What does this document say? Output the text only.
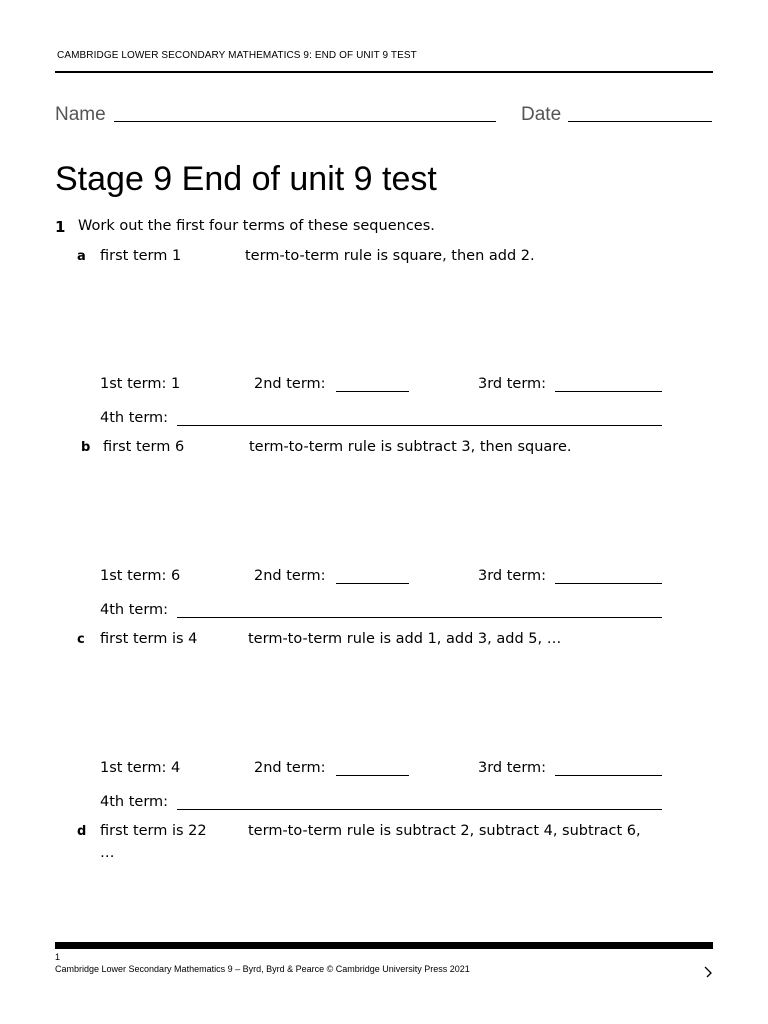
CAMBRIDGE LOWER SECONDARY MATHEMATICS 9: END OF UNIT 9 TEST
Name	Date
Stage 9 End of unit 9 test
1 Work out the first four terms of these sequences.
a first term 1	term-to-term rule is square, then add 2.
1st term: 1	2nd term:	3rd term:
4th term:
b first term 6	term-to-term rule is subtract 3, then square.
1st term: 6	2nd term:	3rd term:
4th term:
c first term is 4	term-to-term rule is add 1, add 3, add 5, …
1st term: 4	2nd term:	3rd term:
4th term:
d first term is 22	term-to-term rule is subtract 2, subtract 4, subtract 6,
…
1
Cambridge Lower Secondary Mathematics 9 – Byrd, Byrd & Pearce © Cambridge University Press 2021
